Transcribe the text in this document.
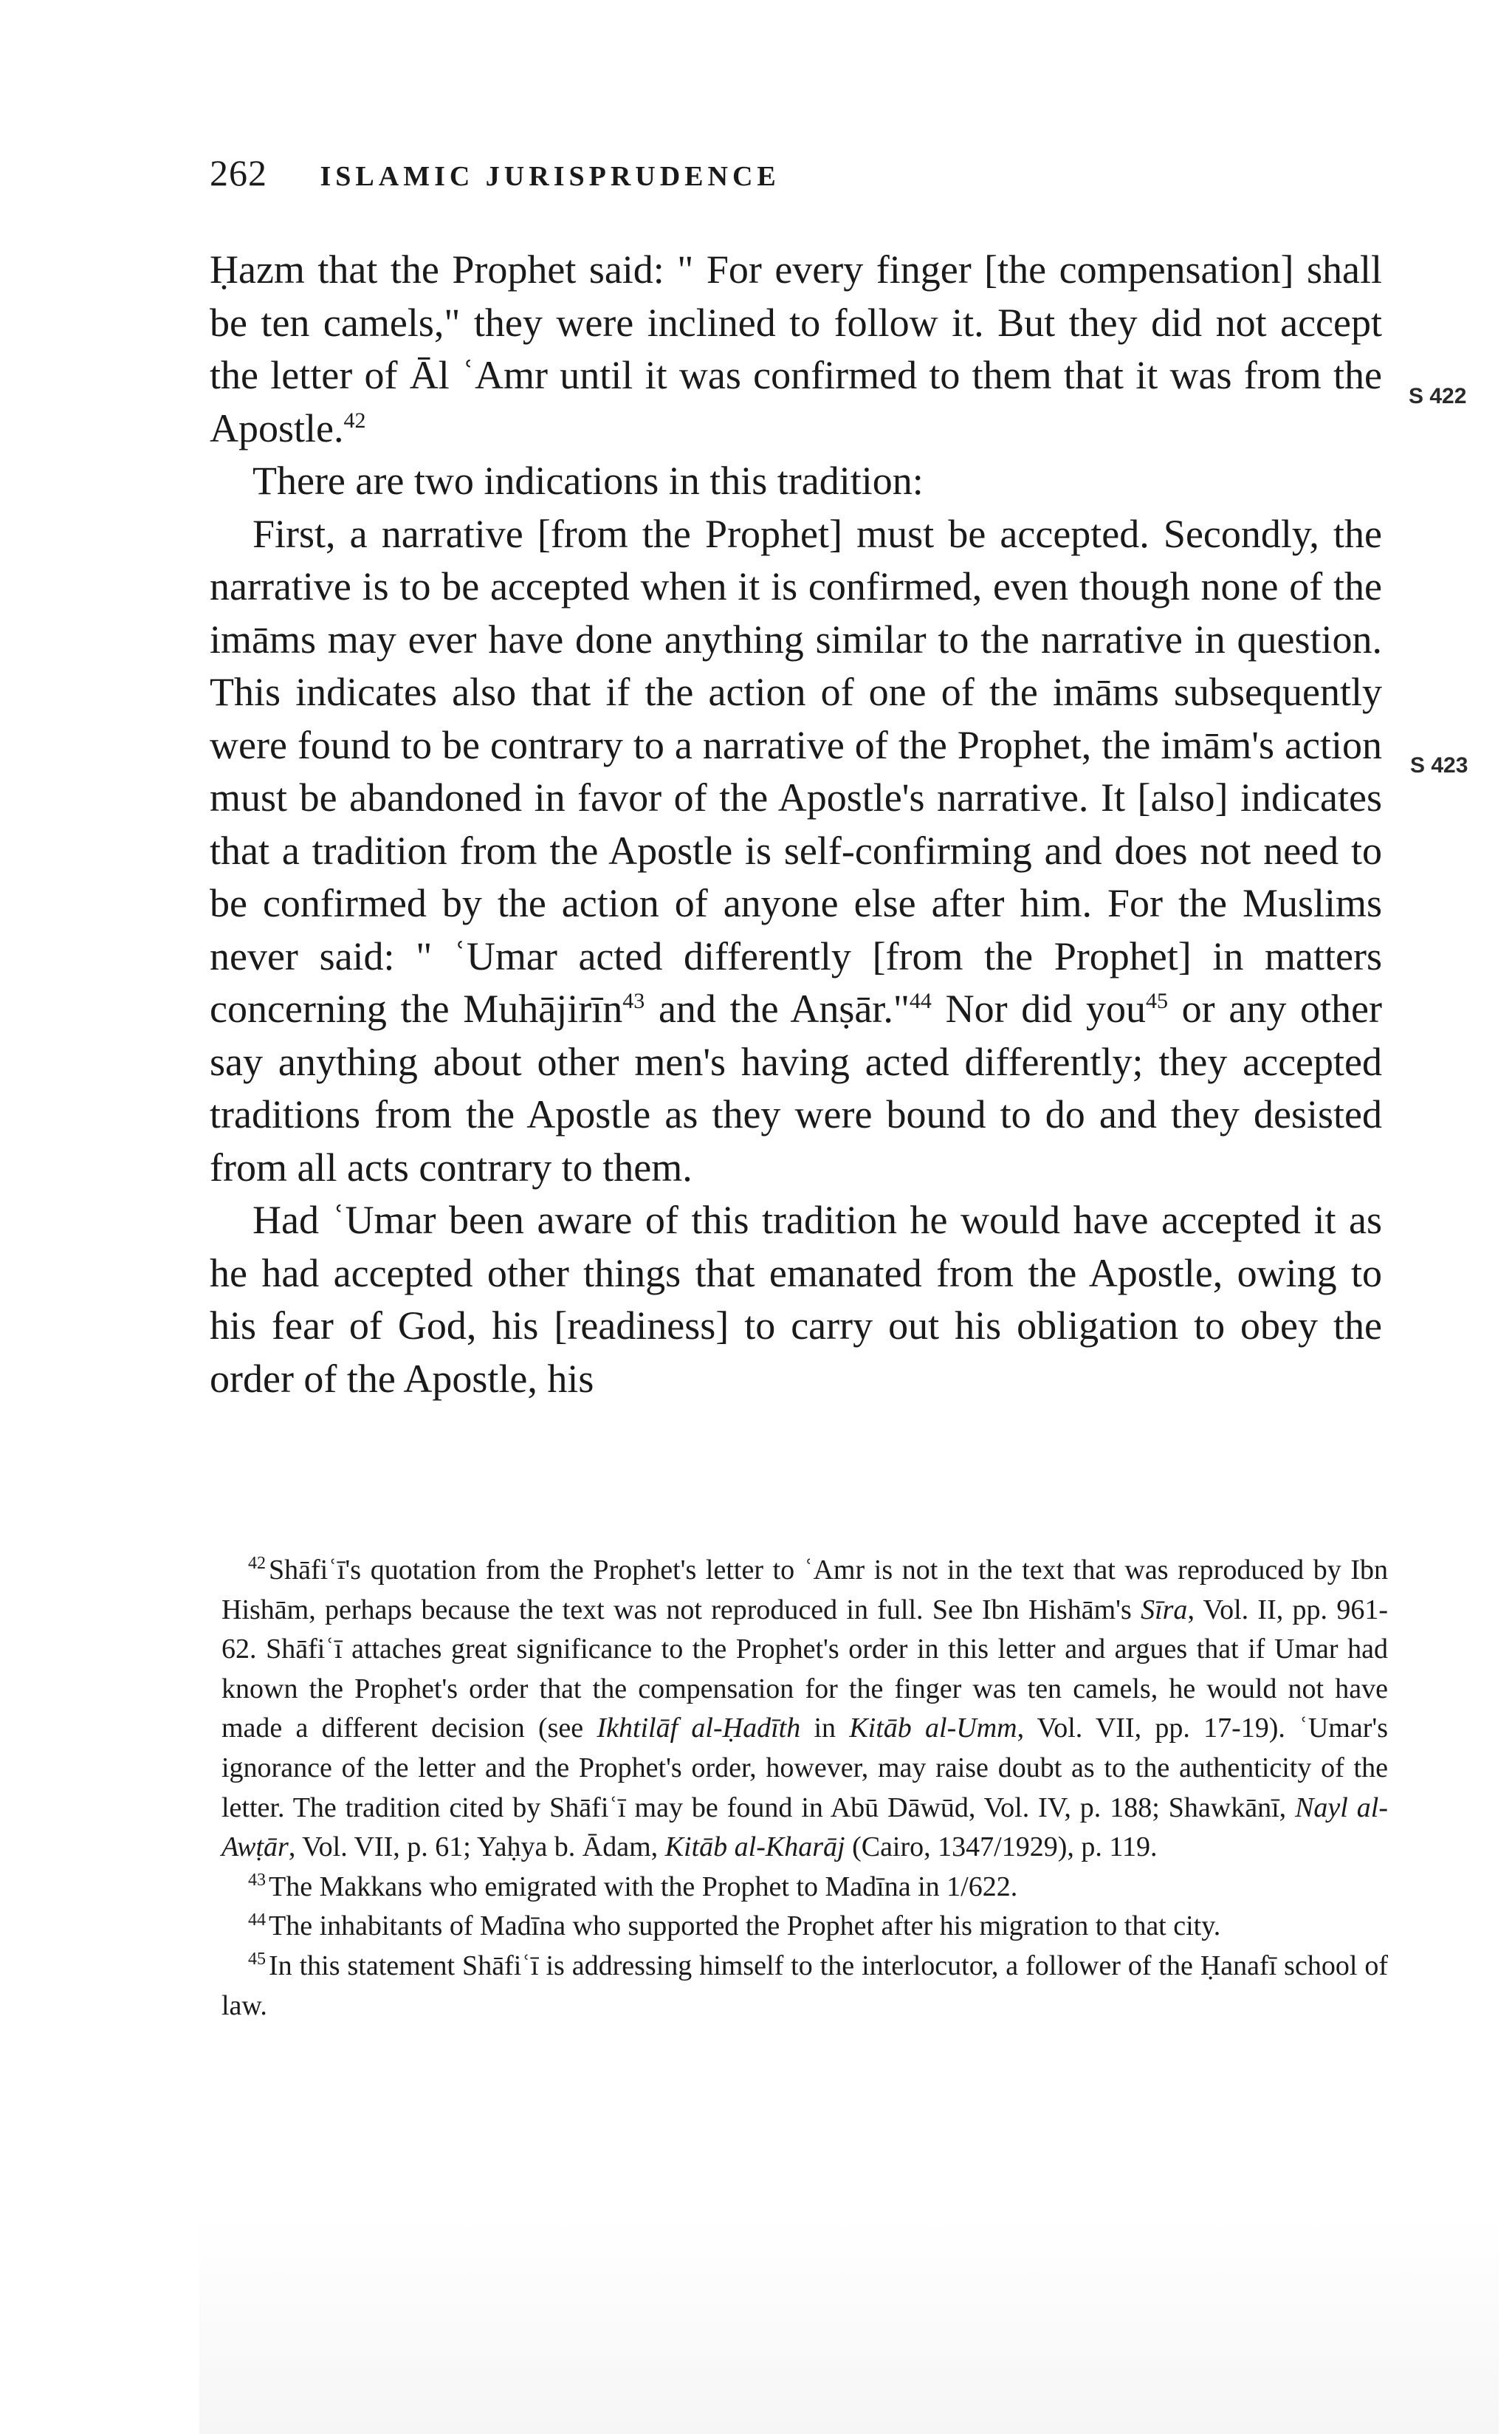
262 ISLAMIC JURISPRUDENCE
S 422
S 423

Ḥazm that the Prophet said: " For every finger [the compensation] shall be ten camels," they were inclined to follow it. But they did not accept the letter of Āl ʿAmr until it was confirmed to them that it was from the Apostle.$^{42}$

There are two indications in this tradition:

First, a narrative [from the Prophet] must be accepted. Secondly, the narrative is to be accepted when it is confirmed, even though none of the imāms may ever have done anything similar to the narrative in question. This indicates also that if the action of one of the imāms subsequently were found to be contrary to a narrative of the Prophet, the imām's action must be abandoned in favor of the Apostle's narrative. It [also] indicates that a tradition from the Apostle is self-confirming and does not need to be confirmed by the action of anyone else after him. For the Muslims never said: " ʿUmar acted differently [from the Prophet] in matters concerning the Muhājirīn$^{43}$ and the Anṣār."$^{44}$ Nor did you$^{45}$ or any other say anything about other men's having acted differently; they accepted traditions from the Apostle as they were bound to do and they desisted from all acts contrary to them.

Had ʿUmar been aware of this tradition he would have accepted it as he had accepted other things that emanated from the Apostle, owing to his fear of God, his [readiness] to carry out his obligation to obey the order of the Apostle, his

$^{42}$ Shāfiʿī's quotation from the Prophet's letter to ʿAmr is not in the text that was reproduced by Ibn Hishām, perhaps because the text was not reproduced in full. See Ibn Hishām's Sīra, Vol. II, pp. 961-62. Shāfiʿī attaches great significance to the Prophet's order in this letter and argues that if Umar had known the Prophet's order that the compensation for the finger was ten camels, he would not have made a different decision (see Ikhtilāf al-Ḥadīth in Kitāb al-Umm, Vol. VII, pp. 17-19). ʿUmar's ignorance of the letter and the Prophet's order, however, may raise doubt as to the authenticity of the letter. The tradition cited by Shāfiʿī may be found in Abū Dāwūd, Vol. IV, p. 188; Shawkānī, Nayl al-Awṭār, Vol. VII, p. 61; Yaḥya b. Ādam, Kitāb al-Kharāj (Cairo, 1347/1929), p. 119.

$^{43}$ The Makkans who emigrated with the Prophet to Madīna in 1/622.

$^{44}$ The inhabitants of Madīna who supported the Prophet after his migration to that city.

$^{45}$ In this statement Shāfiʿī is addressing himself to the interlocutor, a follower of the Ḥanafī school of law.
